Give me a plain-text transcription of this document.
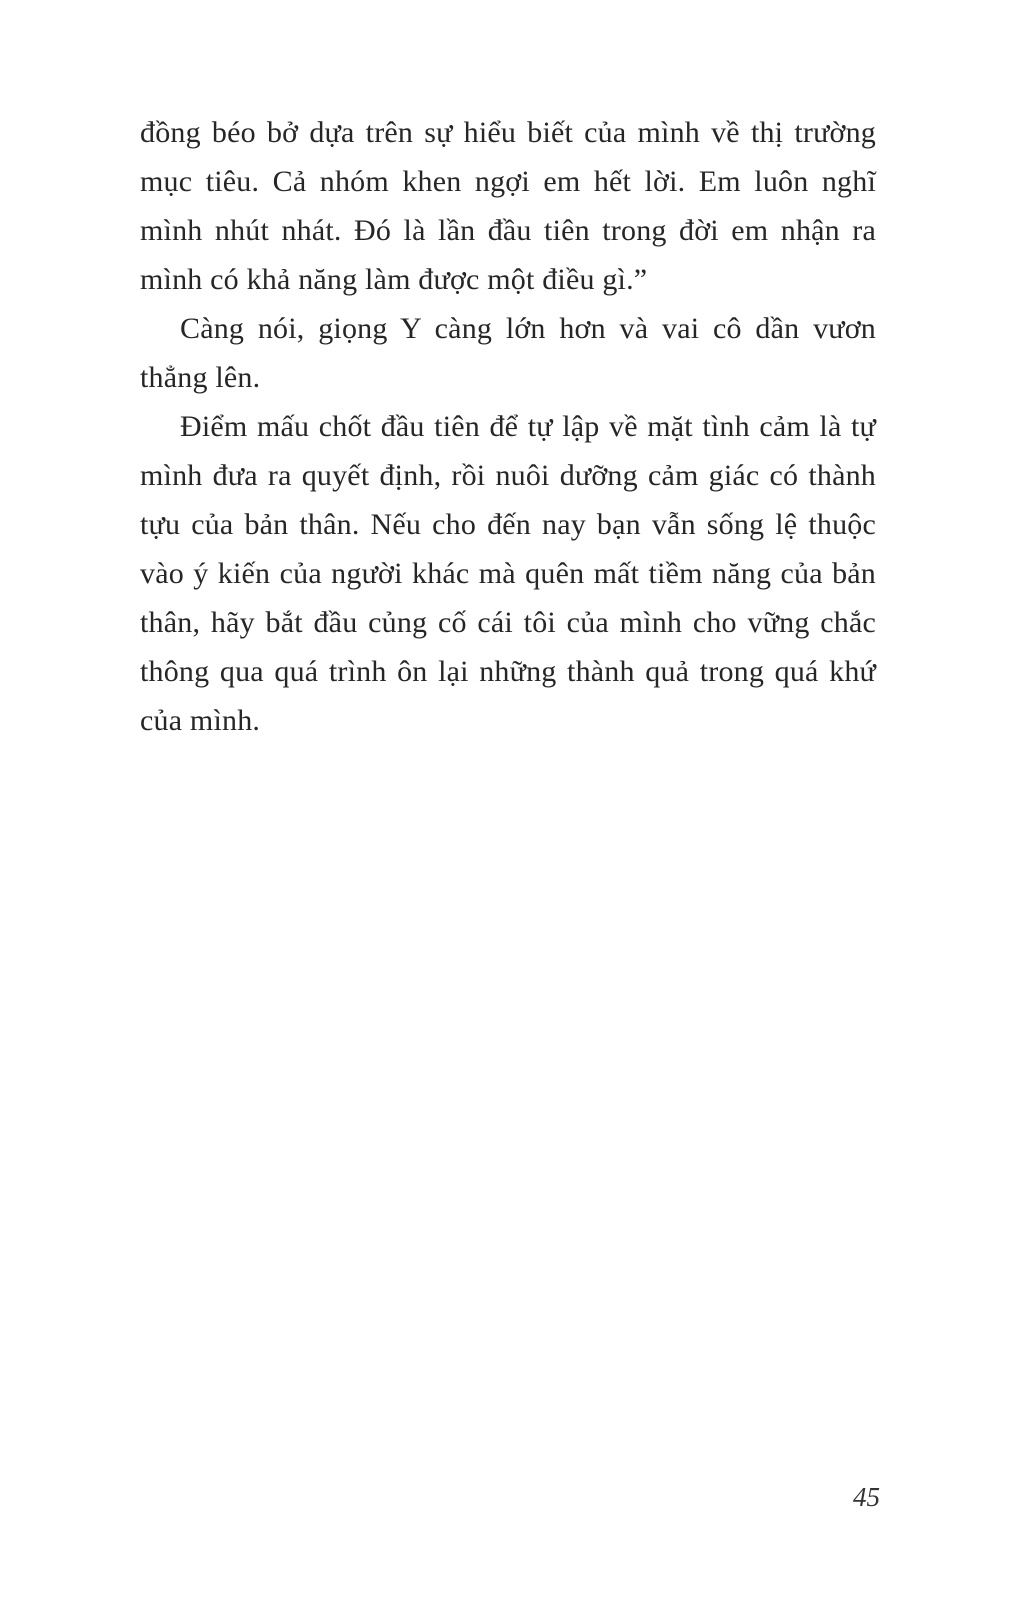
đồng béo bở dựa trên sự hiểu biết của mình về thị trường mục tiêu. Cả nhóm khen ngợi em hết lời. Em luôn nghĩ mình nhút nhát. Đó là lần đầu tiên trong đời em nhận ra mình có khả năng làm được một điều gì.”

Càng nói, giọng Y càng lớn hơn và vai cô dần vươn thẳng lên.

Điểm mấu chốt đầu tiên để tự lập về mặt tình cảm là tự mình đưa ra quyết định, rồi nuôi dưỡng cảm giác có thành tựu của bản thân. Nếu cho đến nay bạn vẫn sống lệ thuộc vào ý kiến của người khác mà quên mất tiềm năng của bản thân, hãy bắt đầu củng cố cái tôi của mình cho vững chắc thông qua quá trình ôn lại những thành quả trong quá khứ của mình.

45
